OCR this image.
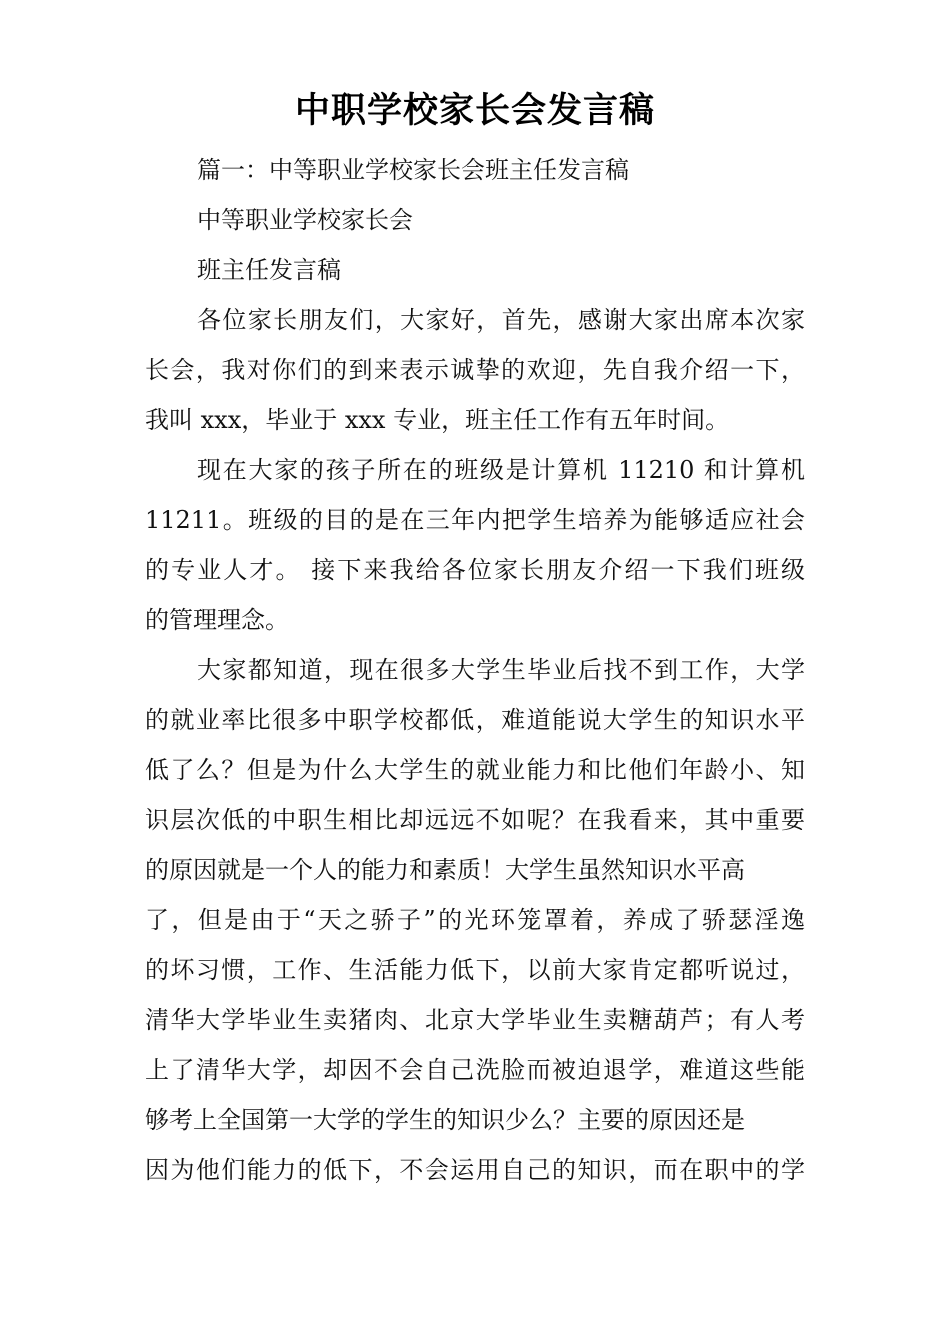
中职学校家长会发言稿
篇一：中等职业学校家长会班主任发言稿
中等职业学校家长会
班主任发言稿
各位家长朋友们，大家好，首先，感谢大家出席本次家
长会，我对你们的到来表示诚挚的欢迎，先自我介绍一下，
我叫 xxx，毕业于 xxx 专业，班主任工作有五年时间。
现在大家的孩子所在的班级是计算机 11210 和计算机
11211。班级的目的是在三年内把学生培养为能够适应社会
的专业人才。 接下来我给各位家长朋友介绍一下我们班级
的管理理念。
大家都知道，现在很多大学生毕业后找不到工作，大学
的就业率比很多中职学校都低，难道能说大学生的知识水平
低了么？但是为什么大学生的就业能力和比他们年龄小、知
识层次低的中职生相比却远远不如呢？在我看来，其中重要
的原因就是一个人的能力和素质！大学生虽然知识水平高
了，但是由于“天之骄子”的光环笼罩着，养成了骄瑟淫逸
的坏习惯，工作、生活能力低下，以前大家肯定都听说过，
清华大学毕业生卖猪肉、北京大学毕业生卖糖葫芦；有人考
上了清华大学，却因不会自己洗脸而被迫退学，难道这些能
够考上全国第一大学的学生的知识少么？主要的原因还是
因为他们能力的低下，不会运用自己的知识，而在职中的学
